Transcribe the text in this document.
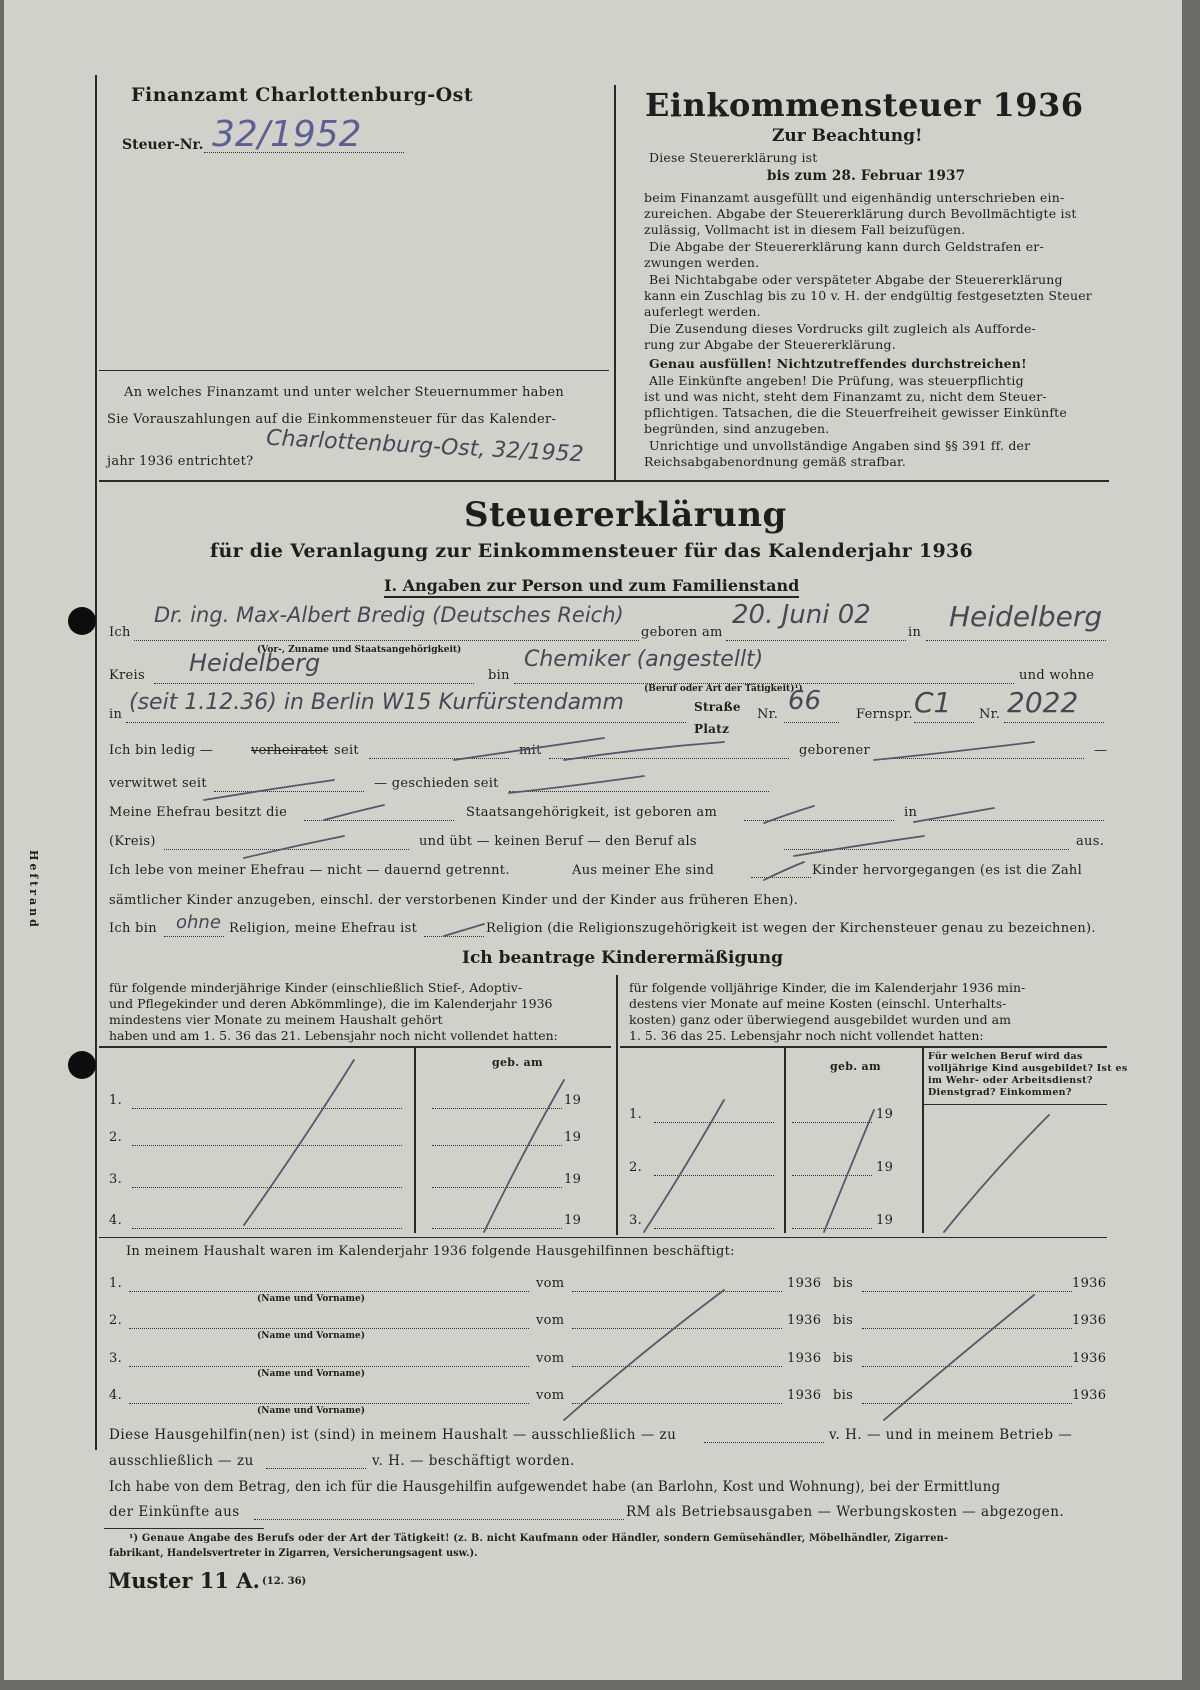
Heftrand
Finanzamt Charlottenburg-Ost
Steuer-Nr. 32/1952
An welches Finanzamt und unter welcher Steuernummer haben
Sie Vorauszahlungen auf die Einkommensteuer für das Kalender-
jahr 1936 entrichtet? Charlottenburg-Ost, 32/1952
Einkommensteuer 1936
Zur Beachtung!
Diese Steuererklärung ist
bis zum 28. Februar 1937
beim Finanzamt ausgefüllt und eigenhändig unterschrieben ein-
zureichen. Abgabe der Steuererklärung durch Bevollmächtigte ist
zulässig, Vollmacht ist in diesem Fall beizufügen.
Die Abgabe der Steuererklärung kann durch Geldstrafen er-
zwungen werden.
Bei Nichtabgabe oder verspäteter Abgabe der Steuererklärung
kann ein Zuschlag bis zu 10 v. H. der endgültig festgesetzten Steuer
auferlegt werden.
Die Zusendung dieses Vordrucks gilt zugleich als Aufforde-
rung zur Abgabe der Steuererklärung.
Genau ausfüllen! Nichtzutreffendes durchstreichen!
Alle Einkünfte angeben! Die Prüfung, was steuerpflichtig
ist und was nicht, steht dem Finanzamt zu, nicht dem Steuer-
pflichtigen. Tatsachen, die die Steuerfreiheit gewisser Einkünfte
begründen, sind anzugeben.
Unrichtige und unvollständige Angaben sind §§ 391 ff. der
Reichsabgabenordnung gemäß strafbar.
Steuererklärung
für die Veranlagung zur Einkommensteuer für das Kalenderjahr 1936
I. Angaben zur Person und zum Familienstand
Ich
Dr. ing. Max-Albert Bredig (Deutsches Reich)
geboren am
20. Juni 02
in Heidelberg
(Vor-, Zuname und Staatsangehörigkeit)
Kreis Heidelberg	bin
Chemiker (angestellt)
und wohne
(Beruf oder Art der Tätigkeit)¹)
in (seit 1.12.36) in Berlin W15 Kurfürstendamm	Straße
Platz
Nr. 66	Fernspr. C1 Nr. 2022
Ich bin ledig —	verheiratet seit	mit	geborener	—
verwitwet seit	— geschieden seit
Meine Ehefrau besitzt die	Staatsangehörigkeit, ist geboren am	in
(Kreis)	und übt — keinen Beruf — den Beruf als	aus.
Ich lebe von meiner Ehefrau — nicht — dauernd getrennt.	Aus meiner Ehe sind	Kinder hervorgegangen (es ist die Zahl
sämtlicher Kinder anzugeben, einschl. der verstorbenen Kinder und der Kinder aus früheren Ehen).
Ich bin ohne Religion, meine Ehefrau ist	Religion (die Religionszugehörigkeit ist wegen der Kirchensteuer genau zu bezeichnen).
Ich beantrage Kinderermäßigung
für folgende minderjährige Kinder (einschließlich Stief-, Adoptiv-
und Pflegekinder und deren Abkömmlinge), die im Kalenderjahr 1936
mindestens vier Monate zu meinem Haushalt gehört
haben und am 1. 5. 36 das 21. Lebensjahr noch nicht vollendet hatten:
geb. am
1.	19
2.	19
3.	19
4.	19
für folgende volljährige Kinder, die im Kalenderjahr 1936 min-
destens vier Monate auf meine Kosten (einschl. Unterhalts-
kosten) ganz oder überwiegend ausgebildet wurden und am
1. 5. 36 das 25. Lebensjahr noch nicht vollendet hatten:
geb. am
Für welchen Beruf wird das
volljährige Kind ausgebildet? Ist es
im Wehr- oder Arbeitsdienst?
Dienstgrad? Einkommen?
1.	19
2.	19
3.	19
In meinem Haushalt waren im Kalenderjahr 1936 folgende Hausgehilfinnen beschäftigt:
1.	vom	1936 bis	1936
(Name und Vorname)
2.	vom	1936 bis	1936
(Name und Vorname)
3.	vom	1936 bis	1936
(Name und Vorname)
4.	vom	1936 bis	1936
(Name und Vorname)
Diese Hausgehilfin(nen) ist (sind) in meinem Haushalt — ausschließlich — zu	v. H. — und in meinem Betrieb —
ausschließlich — zu	v. H. — beschäftigt worden.
Ich habe von dem Betrag, den ich für die Hausgehilfin aufgewendet habe (an Barlohn, Kost und Wohnung), bei der Ermittlung
der Einkünfte aus	RM als Betriebsausgaben — Werbungskosten — abgezogen.
¹) Genaue Angabe des Berufs oder der Art der Tätigkeit! (z. B. nicht Kaufmann oder Händler, sondern Gemüsehändler, Möbelhändler, Zigarren-
fabrikant, Handelsvertreter in Zigarren, Versicherungsagent usw.).
Muster 11 A. (12. 36)
